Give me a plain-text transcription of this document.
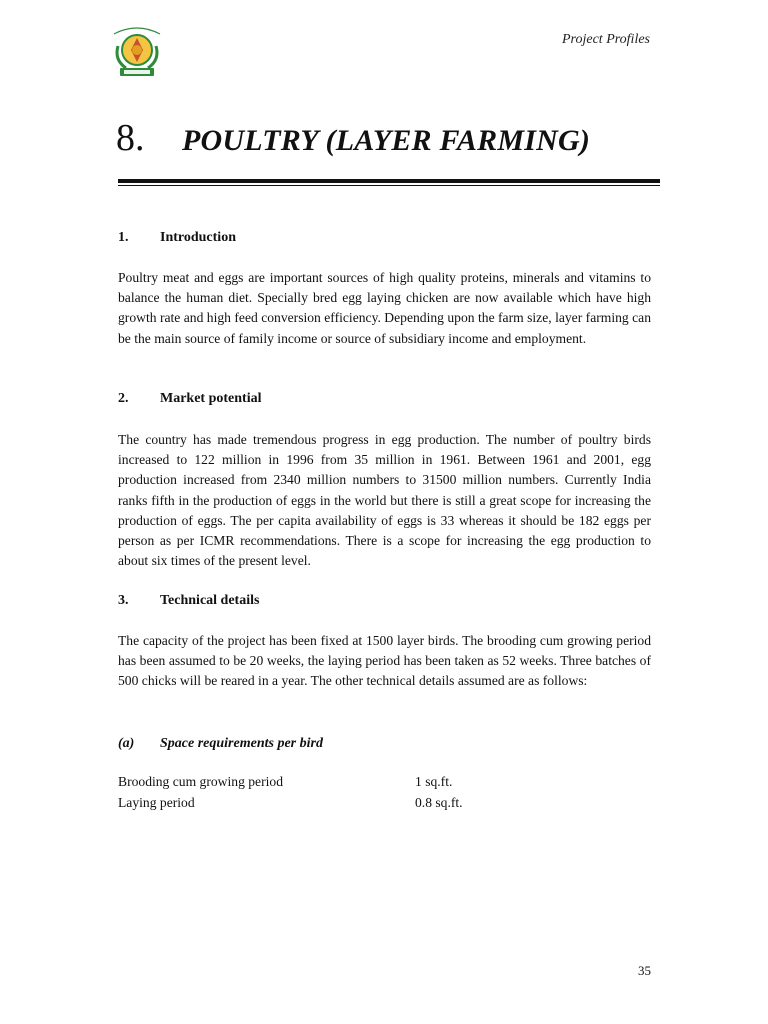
Project Profiles
8.	POULTRY (LAYER FARMING)
1.	Introduction
Poultry meat and eggs are important sources of high quality proteins, minerals and vitamins to balance the human diet. Specially bred egg laying chicken are now available which have high growth rate and high feed conversion efficiency. Depending upon the farm size, layer farming can be the main source of family income or source of subsidiary income and employment.
2.	Market potential
The country has made tremendous progress in egg production. The number of poultry birds increased to 122 million in 1996 from 35 million in 1961. Between 1961 and 2001, egg production increased from 2340 million numbers to 31500 million numbers. Currently India ranks fifth in the production of eggs in the world but there is still a great scope for increasing the production of eggs. The per capita availability of eggs is 33 whereas it should be 182 eggs per person as per ICMR recommendations. There is a scope for increasing the egg production to about six times of the present level.
3.	Technical details
The capacity of the project has been fixed at 1500 layer birds. The brooding cum growing period has been assumed to be 20 weeks, the laying period has been taken as 52 weeks. Three batches of 500 chicks will be reared in a year. The other technical details assumed are as follows:
(a)	Space requirements per bird
Brooding cum growing period	1 sq.ft.
Laying period	0.8 sq.ft.
35
